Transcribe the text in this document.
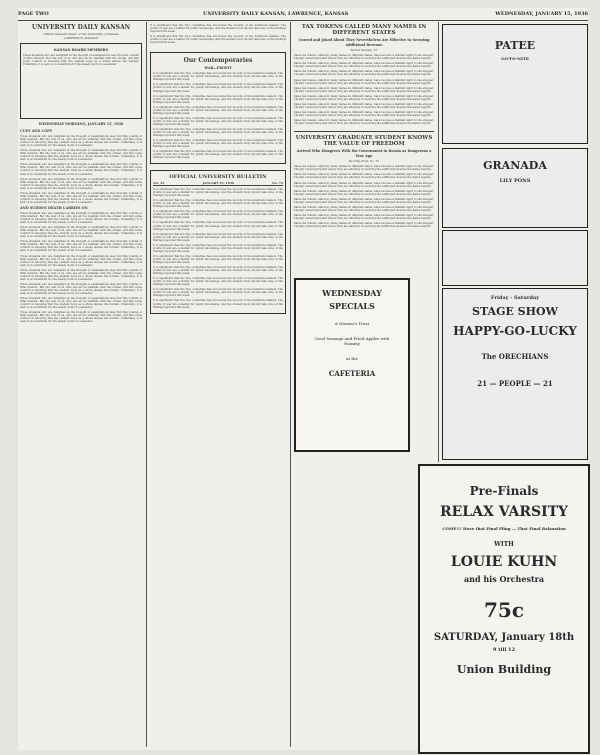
PAGE TWO	UNIVERSITY DAILY KANSAN, LAWRENCE, KANSAS	WEDNESDAY, JANUARY 15, 1936
UNIVERSITY DAILY KANSAN
Official Student Paper of the University of Kansas
LAWRENCE, KANSAS
KANSAN BOARD MEMBERS

Those students who are delighted at the thought of examinations may find this column of little interest. But the rest of us, who are all too familiar with the ordeal, will find some comfort in knowing that the student body as a whole shares the burden. Cramming, it is said, is no substitute for the steady work of a semester.

WEDNESDAY MORNING, JANUARY 15, 1936
CUFF AND COPY

Those students who are delighted at the thought of examinations may find this column of little interest. But the rest of us, who are all too familiar with the ordeal, will find some comfort in knowing that the student body as a whole shares the burden. Cramming, it is said, is no substitute for the steady work of a semester.

Those students who are delighted at the thought of examinations may find this column of little interest. But the rest of us, who are all too familiar with the ordeal, will find some comfort in knowing that the student body as a whole shares the burden. Cramming, it is said, is no substitute for the steady work of a semester.

Those students who are delighted at the thought of examinations may find this column of little interest. But the rest of us, who are all too familiar with the ordeal, will find some comfort in knowing that the student body as a whole shares the burden. Cramming, it is said, is no substitute for the steady work of a semester.

Those students who are delighted at the thought of examinations may find this column of little interest. But the rest of us, who are all too familiar with the ordeal, will find some comfort in knowing that the student body as a whole shares the burden. Cramming, it is said, is no substitute for the steady work of a semester.

Those students who are delighted at the thought of examinations may find this column of little interest. But the rest of us, who are all too familiar with the ordeal, will find some comfort in knowing that the student body as a whole shares the burden. Cramming, it is said, is no substitute for the steady work of a semester.

AND SUDDEN DEATH CARRIES ON

Those students who are delighted at the thought of examinations may find this column of little interest. But the rest of us, who are all too familiar with the ordeal, will find some comfort in knowing that the student body as a whole shares the burden. Cramming, it is said, is no substitute for the steady work of a semester.

Those students who are delighted at the thought of examinations may find this column of little interest. But the rest of us, who are all too familiar with the ordeal, will find some comfort in knowing that the student body as a whole shares the burden. Cramming, it is said, is no substitute for the steady work of a semester.

Those students who are delighted at the thought of examinations may find this column of little interest. But the rest of us, who are all too familiar with the ordeal, will find some comfort in knowing that the student body as a whole shares the burden. Cramming, it is said, is no substitute for the steady work of a semester.

Those students who are delighted at the thought of examinations may find this column of little interest. But the rest of us, who are all too familiar with the ordeal, will find some comfort in knowing that the student body as a whole shares the burden. Cramming, it is said, is no substitute for the steady work of a semester.

Those students who are delighted at the thought of examinations may find this column of little interest. But the rest of us, who are all too familiar with the ordeal, will find some comfort in knowing that the student body as a whole shares the burden. Cramming, it is said, is no substitute for the steady work of a semester.

Those students who are delighted at the thought of examinations may find this column of little interest. But the rest of us, who are all too familiar with the ordeal, will find some comfort in knowing that the student body as a whole shares the burden. Cramming, it is said, is no substitute for the steady work of a semester.

Those students who are delighted at the thought of examinations may find this column of little interest. But the rest of us, who are all too familiar with the ordeal, will find some comfort in knowing that the student body as a whole shares the burden. Cramming, it is said, is no substitute for the steady work of a semester.

Those students who are delighted at the thought of examinations may find this column of little interest. But the rest of us, who are all too familiar with the ordeal, will find some comfort in knowing that the student body as a whole shares the burden. Cramming, it is said, is no substitute for the steady work of a semester.

It is significant that the Nye committee has uncovered the records of the munitions makers. The profits of war are a matter for public knowledge, and the student body should take note of the findings reported this week.

It is significant that the Nye committee has uncovered the records of the munitions makers. The profits of war are a matter for public knowledge, and the student body should take note of the findings reported this week.

Our Contemporaries
WAR—PROFIT

It is significant that the Nye committee has uncovered the records of the munitions makers. The profits of war are a matter for public knowledge, and the student body should take note of the findings reported this week.

It is significant that the Nye committee has uncovered the records of the munitions makers. The profits of war are a matter for public knowledge, and the student body should take note of the findings reported this week.

It is significant that the Nye committee has uncovered the records of the munitions makers. The profits of war are a matter for public knowledge, and the student body should take note of the findings reported this week.

It is significant that the Nye committee has uncovered the records of the munitions makers. The profits of war are a matter for public knowledge, and the student body should take note of the findings reported this week.

It is significant that the Nye committee has uncovered the records of the munitions makers. The profits of war are a matter for public knowledge, and the student body should take note of the findings reported this week.

It is significant that the Nye committee has uncovered the records of the munitions makers. The profits of war are a matter for public knowledge, and the student body should take note of the findings reported this week.

It is significant that the Nye committee has uncovered the records of the munitions makers. The profits of war are a matter for public knowledge, and the student body should take note of the findings reported this week.

It is significant that the Nye committee has uncovered the records of the munitions makers. The profits of war are a matter for public knowledge, and the student body should take note of the findings reported this week.

OFFICIAL UNIVERSITY BULLETIN
Vol. 35	JANUARY 15, 1936	No. 74

It is significant that the Nye committee has uncovered the records of the munitions makers. The profits of war are a matter for public knowledge, and the student body should take note of the findings reported this week.

It is significant that the Nye committee has uncovered the records of the munitions makers. The profits of war are a matter for public knowledge, and the student body should take note of the findings reported this week.

It is significant that the Nye committee has uncovered the records of the munitions makers. The profits of war are a matter for public knowledge, and the student body should take note of the findings reported this week.

It is significant that the Nye committee has uncovered the records of the munitions makers. The profits of war are a matter for public knowledge, and the student body should take note of the findings reported this week.

It is significant that the Nye committee has uncovered the records of the munitions makers. The profits of war are a matter for public knowledge, and the student body should take note of the findings reported this week.

It is significant that the Nye committee has uncovered the records of the munitions makers. The profits of war are a matter for public knowledge, and the student body should take note of the findings reported this week.

It is significant that the Nye committee has uncovered the records of the munitions makers. The profits of war are a matter for public knowledge, and the student body should take note of the findings reported this week.

It is significant that the Nye committee has uncovered the records of the munitions makers. The profits of war are a matter for public knowledge, and the student body should take note of the findings reported this week.

It is significant that the Nye committee has uncovered the records of the munitions makers. The profits of war are a matter for public knowledge, and the student body should take note of the findings reported this week.

It is significant that the Nye committee has uncovered the records of the munitions makers. The profits of war are a matter for public knowledge, and the student body should take note of the findings reported this week.

It is significant that the Nye committee has uncovered the records of the munitions makers. The profits of war are a matter for public knowledge, and the student body should take note of the findings reported this week.

TAX TOKENS CALLED MANY NAMES IN DIFFERENT STATES
Cursed and Joked About They Nevertheless Are Effective in Securing Additional Revenue
Marion Mcnulty, '37

Sales tax tokens, called by many names in different states, have become a familiar sight to the shopper. Though cursed and joked about, they are effective in securing the additional revenue the states require.

Sales tax tokens, called by many names in different states, have become a familiar sight to the shopper. Though cursed and joked about, they are effective in securing the additional revenue the states require.

Sales tax tokens, called by many names in different states, have become a familiar sight to the shopper. Though cursed and joked about, they are effective in securing the additional revenue the states require.

Sales tax tokens, called by many names in different states, have become a familiar sight to the shopper. Though cursed and joked about, they are effective in securing the additional revenue the states require.

Sales tax tokens, called by many names in different states, have become a familiar sight to the shopper. Though cursed and joked about, they are effective in securing the additional revenue the states require.

Sales tax tokens, called by many names in different states, have become a familiar sight to the shopper. Though cursed and joked about, they are effective in securing the additional revenue the states require.

Sales tax tokens, called by many names in different states, have become a familiar sight to the shopper. Though cursed and joked about, they are effective in securing the additional revenue the states require.

Sales tax tokens, called by many names in different states, have become a familiar sight to the shopper. Though cursed and joked about, they are effective in securing the additional revenue the states require.

Sales tax tokens, called by many names in different states, have become a familiar sight to the shopper. Though cursed and joked about, they are effective in securing the additional revenue the states require.

UNIVERSITY GRADUATE STUDENT KNOWS THE VALUE OF FREEDOM
Arrived Who Disagrees With the Government in Russia as Dangerous a Year Ago
By Cindy Bond, Sr., '37

Sales tax tokens, called by many names in different states, have become a familiar sight to the shopper. Though cursed and joked about, they are effective in securing the additional revenue the states require.

Sales tax tokens, called by many names in different states, have become a familiar sight to the shopper. Though cursed and joked about, they are effective in securing the additional revenue the states require.

Sales tax tokens, called by many names in different states, have become a familiar sight to the shopper. Though cursed and joked about, they are effective in securing the additional revenue the states require.

Sales tax tokens, called by many names in different states, have become a familiar sight to the shopper. Though cursed and joked about, they are effective in securing the additional revenue the states require.

Sales tax tokens, called by many names in different states, have become a familiar sight to the shopper. Though cursed and joked about, they are effective in securing the additional revenue the states require.

Sales tax tokens, called by many names in different states, have become a familiar sight to the shopper. Though cursed and joked about, they are effective in securing the additional revenue the states require.

Sales tax tokens, called by many names in different states, have become a familiar sight to the shopper. Though cursed and joked about, they are effective in securing the additional revenue the states require.

Sales tax tokens, called by many names in different states, have become a familiar sight to the shopper. Though cursed and joked about, they are effective in securing the additional revenue the states require.

WEDNESDAY
SPECIALS
A Women's Treat
Good Sausage and Fried Apples with Hominy
at the
CAFETERIA
PATEE
GO-TO-NITE
GRANADA
LILY PONS
DICKINSON
MISS PACIFIC FLEET
Friday - Saturday
STAGE SHOW
HAPPY-GO-LUCKY
The ORECHIANS
21 — PEOPLE — 21
Pre-Finals
RELAX VARSITY
COME!!! Have that Final Fling — That Final Relaxation
WITH
LOUIE KUHN
and his Orchestra
75c
SATURDAY, January 18th
9 till 12
Union Building
